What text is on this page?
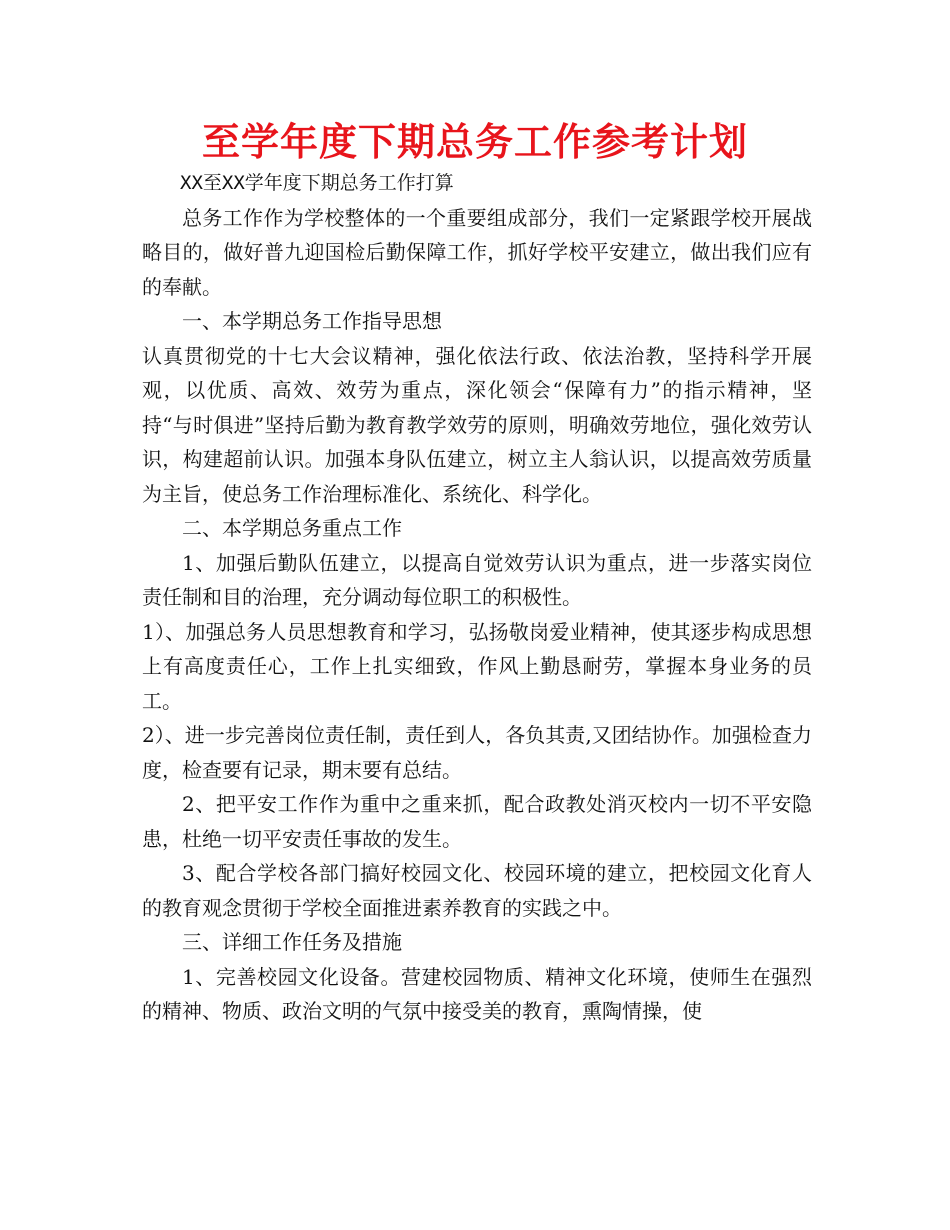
至学年度下期总务工作参考计划

XX至XX学年度下期总务工作打算

总务工作作为学校整体的一个重要组成部分，我们一定紧跟学校开展战略目的，做好普九迎国检后勤保障工作，抓好学校平安建立，做出我们应有的奉献。

一、本学期总务工作指导思想

认真贯彻党的十七大会议精神，强化依法行政、依法治教，坚持科学开展观，以优质、高效、效劳为重点，深化领会“保障有力”的指示精神，坚持“与时俱进”坚持后勤为教育教学效劳的原则，明确效劳地位，强化效劳认识，构建超前认识。加强本身队伍建立，树立主人翁认识，以提高效劳质量为主旨，使总务工作治理标准化、系统化、科学化。

二、本学期总务重点工作

1、加强后勤队伍建立，以提高自觉效劳认识为重点，进一步落实岗位责任制和目的治理，充分调动每位职工的积极性。

1）、加强总务人员思想教育和学习，弘扬敬岗爱业精神，使其逐步构成思想上有高度责任心，工作上扎实细致，作风上勤恳耐劳，掌握本身业务的员工。

2）、进一步完善岗位责任制，责任到人，各负其责,又团结协作。加强检查力度，检查要有记录，期末要有总结。

2、把平安工作作为重中之重来抓，配合政教处消灭校内一切不平安隐患，杜绝一切平安责任事故的发生。

3、配合学校各部门搞好校园文化、校园环境的建立，把校园文化育人的教育观念贯彻于学校全面推进素养教育的实践之中。

三、详细工作任务及措施

1、完善校园文化设备。营建校园物质、精神文化环境，使师生在强烈的精神、物质、政治文明的气氛中接受美的教育，熏陶情操，使
